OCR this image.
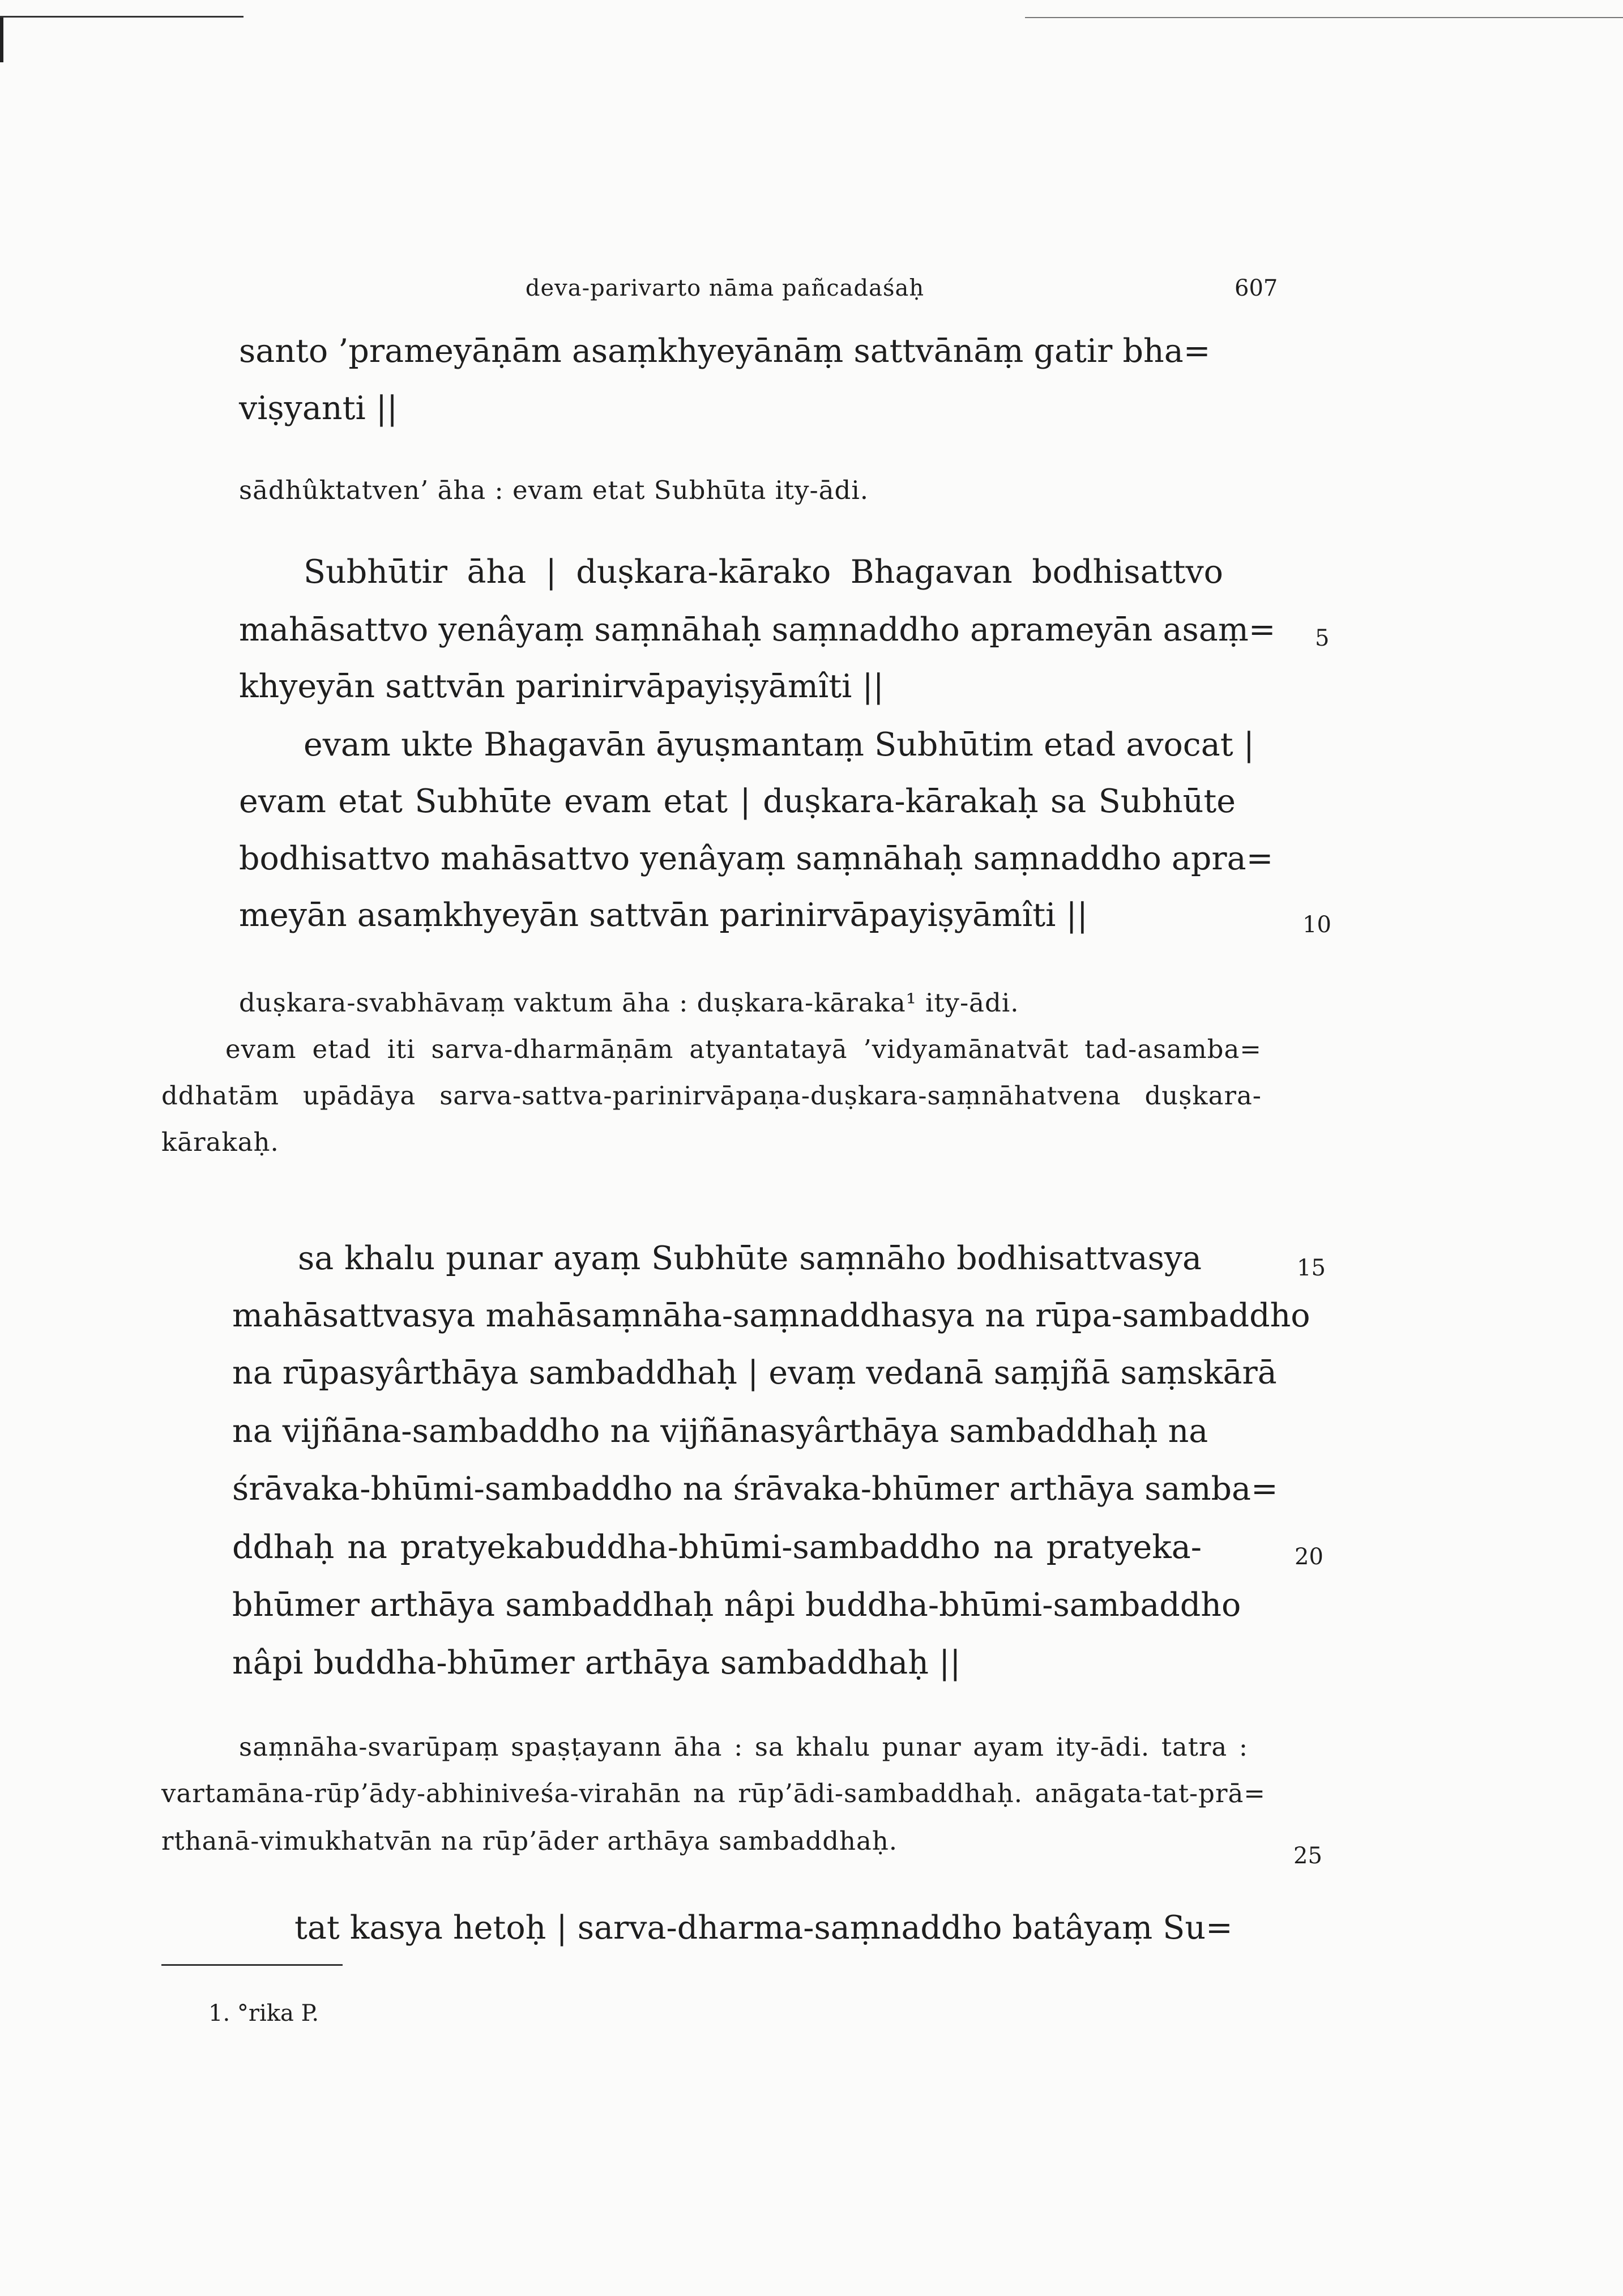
deva-parivarto nāma pañcadaśaḥ	607
santo ’prameyāṇām asaṃkhyeyānāṃ sattvānāṃ gatir bha=
viṣyanti ||
sādhûktatven’ āha : evam etat Subhūta ity-ādi.
Subhūtir āha | duṣkara-kārako Bhagavan bodhisattvo
mahāsattvo yenâyaṃ saṃnāhaḥ saṃnaddho aprameyān asaṃ=
khyeyān sattvān parinirvāpayiṣyāmîti ||
evam ukte Bhagavān āyuṣmantaṃ Subhūtim etad avocat |
evam etat Subhūte evam etat | duṣkara-kārakaḥ sa Subhūte
bodhisattvo mahāsattvo yenâyaṃ saṃnāhaḥ saṃnaddho apra=
meyān asaṃkhyeyān sattvān parinirvāpayiṣyāmîti ||
duṣkara-svabhāvaṃ vaktum āha : duṣkara-kāraka¹ ity-ādi.
evam etad iti sarva-dharmāṇām atyantatayā ’vidyamānatvāt tad-asamba=
ddhatām upādāya sarva-sattva-parinirvāpaṇa-duṣkara-saṃnāhatvena duṣkara-
kārakaḥ.
sa khalu punar ayaṃ Subhūte saṃnāho bodhisattvasya
mahāsattvasya mahāsaṃnāha-saṃnaddhasya na rūpa-sambaddho
na rūpasyârthāya sambaddhaḥ | evaṃ vedanā saṃjñā saṃskārā
na vijñāna-sambaddho na vijñānasyârthāya sambaddhaḥ na
śrāvaka-bhūmi-sambaddho na śrāvaka-bhūmer arthāya samba=
ddhaḥ na pratyekabuddha-bhūmi-sambaddho na pratyeka-
bhūmer arthāya sambaddhaḥ nâpi buddha-bhūmi-sambaddho
nâpi buddha-bhūmer arthāya sambaddhaḥ ||
saṃnāha-svarūpaṃ spaṣṭayann āha : sa khalu punar ayam ity-ādi. tatra :
vartamāna-rūp’ādy-abhiniveśa-virahān na rūp’ādi-sambaddhaḥ. anāgata-tat-prā=
rthanā-vimukhatvān na rūp’āder arthāya sambaddhaḥ.
tat kasya hetoḥ | sarva-dharma-saṃnaddho batâyaṃ Su=
5
10
15
20
25
1. °rika P.
